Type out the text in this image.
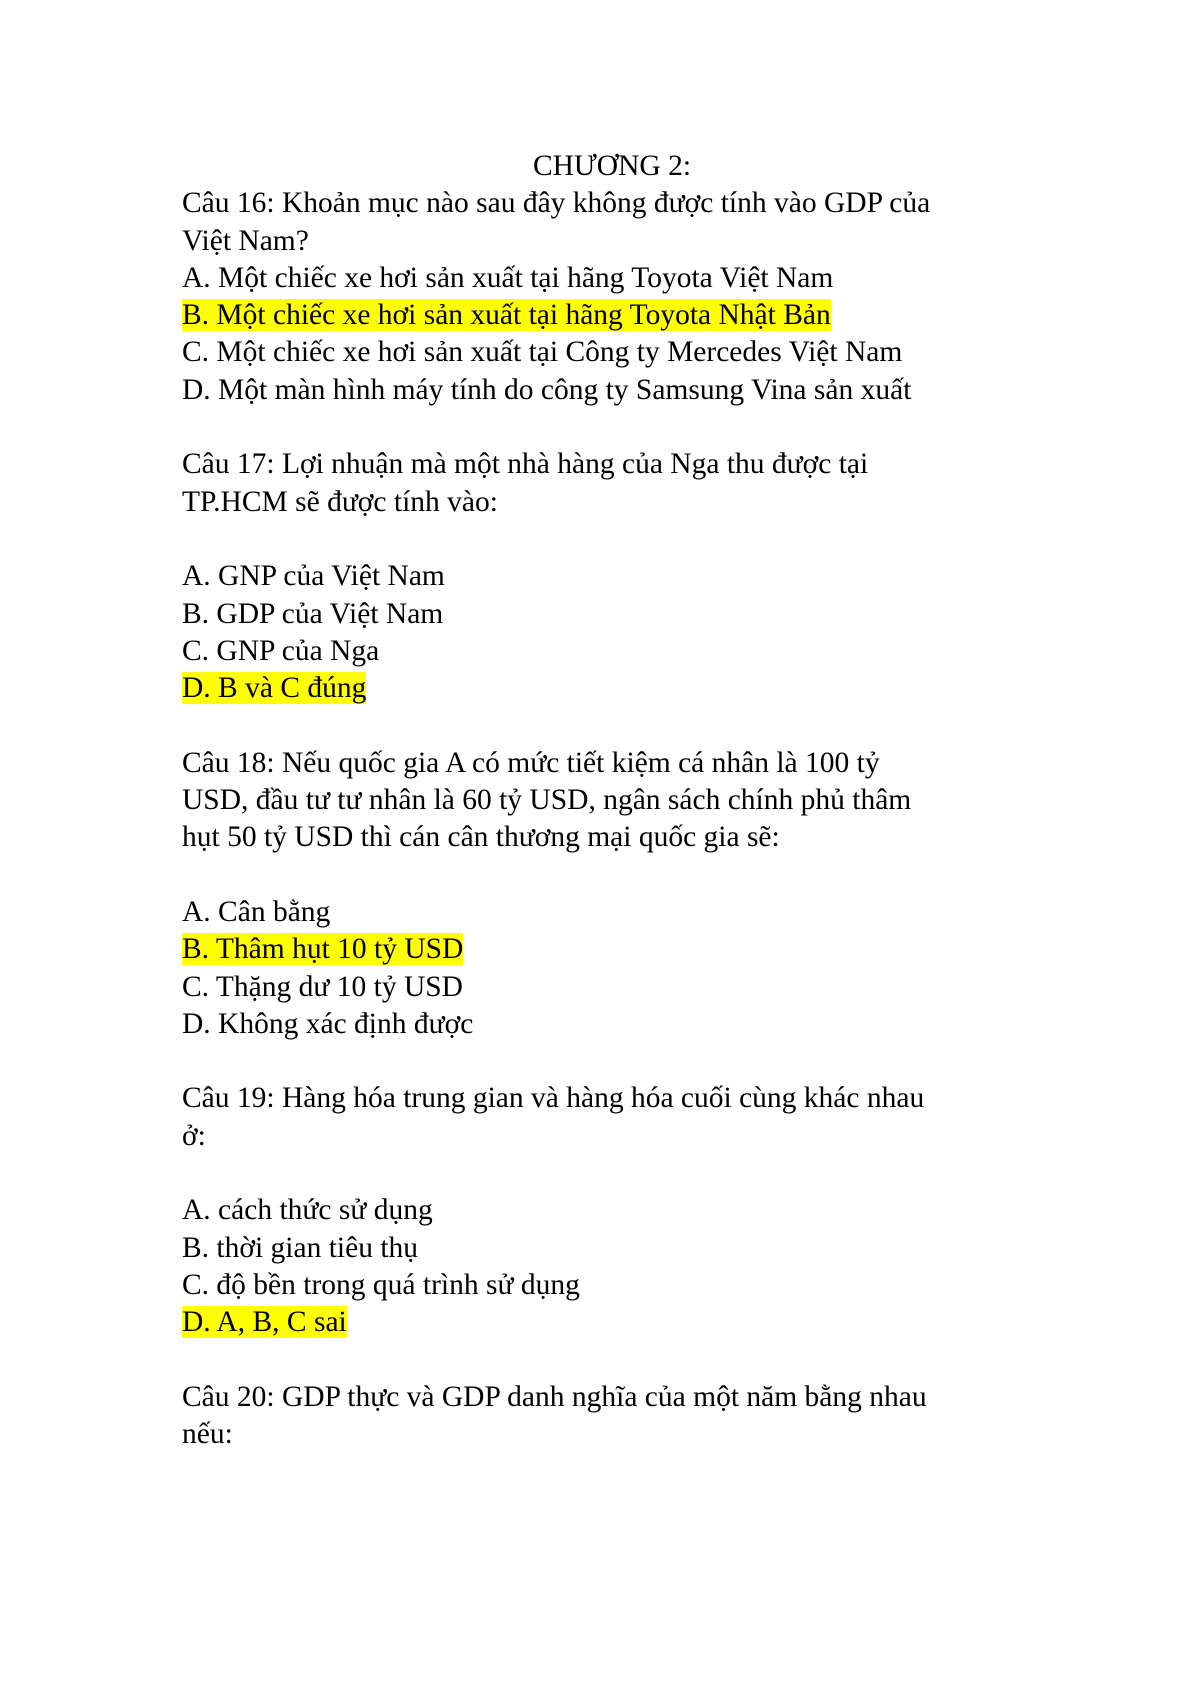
CHƯƠNG 2:

Câu 16: Khoản mục nào sau đây không được tính vào GDP của

Việt Nam?

A. Một chiếc xe hơi sản xuất tại hãng Toyota Việt Nam

B. Một chiếc xe hơi sản xuất tại hãng Toyota Nhật Bản

C. Một chiếc xe hơi sản xuất tại Công ty Mercedes Việt Nam

D. Một màn hình máy tính do công ty Samsung Vina sản xuất

Câu 17: Lợi nhuận mà một nhà hàng của Nga thu được tại

TP.HCM sẽ được tính vào:

A. GNP của Việt Nam

B. GDP của Việt Nam

C. GNP của Nga

D. B và C đúng

Câu 18: Nếu quốc gia A có mức tiết kiệm cá nhân là 100 tỷ

USD, đầu tư tư nhân là 60 tỷ USD, ngân sách chính phủ thâm

hụt 50 tỷ USD thì cán cân thương mại quốc gia sẽ:

A. Cân bằng

B. Thâm hụt 10 tỷ USD

C. Thặng dư 10 tỷ USD

D. Không xác định được

Câu 19: Hàng hóa trung gian và hàng hóa cuối cùng khác nhau

ở:

A. cách thức sử dụng

B. thời gian tiêu thụ

C. độ bền trong quá trình sử dụng

D. A, B, C sai

Câu 20: GDP thực và GDP danh nghĩa của một năm bằng nhau

nếu:
